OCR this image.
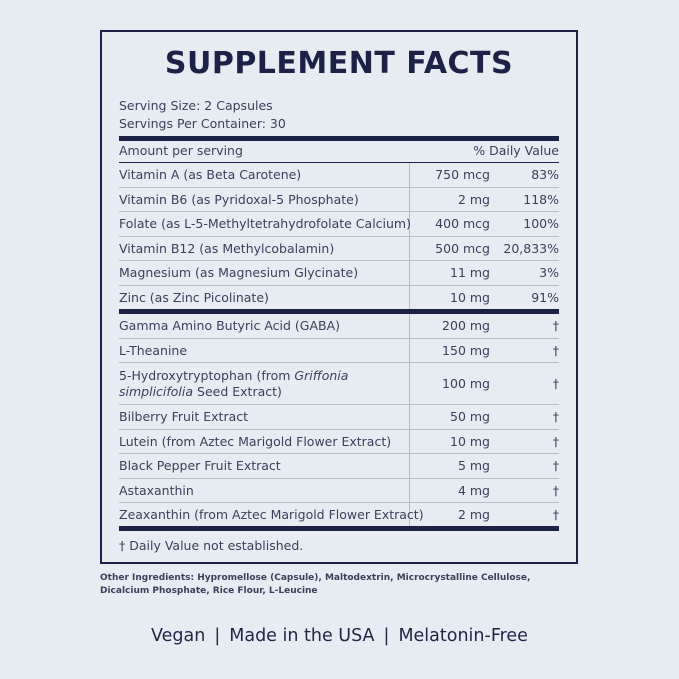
SUPPLEMENT FACTS
Serving Size: 2 Capsules
Servings Per Container: 30
Amount per serving	% Daily Value
Vitamin A (as Beta Carotene)	750 mcg	83%
Vitamin B6 (as Pyridoxal-5 Phosphate)	2 mg	118%
Folate (as L-5-Methyltetrahydrofolate Calcium) 400 mcg	100%
Vitamin B12 (as Methylcobalamin)	500 mcg 20,833%
Magnesium (as Magnesium Glycinate)	11 mg	3%
Zinc (as Zinc Picolinate)	10 mg	91%
Gamma Amino Butyric Acid (GABA)	200 mg	†
L-Theanine	150 mg	†
5-Hydroxytryptophan (from Griffonia
simplicifolia Seed Extract)
100 mg	†
Bilberry Fruit Extract	50 mg	†
Lutein (from Aztec Marigold Flower Extract)	10 mg	†
Black Pepper Fruit Extract	5 mg	†
Astaxanthin	4 mg	†
Zeaxanthin (from Aztec Marigold Flower Extract)	2 mg	†
† Daily Value not established.
Other Ingredients: Hypromellose (Capsule), Maltodextrin, Microcrystalline Cellulose, Dicalcium Phosphate, Rice Flour, L-Leucine
Vegan | Made in the USA | Melatonin-Free
